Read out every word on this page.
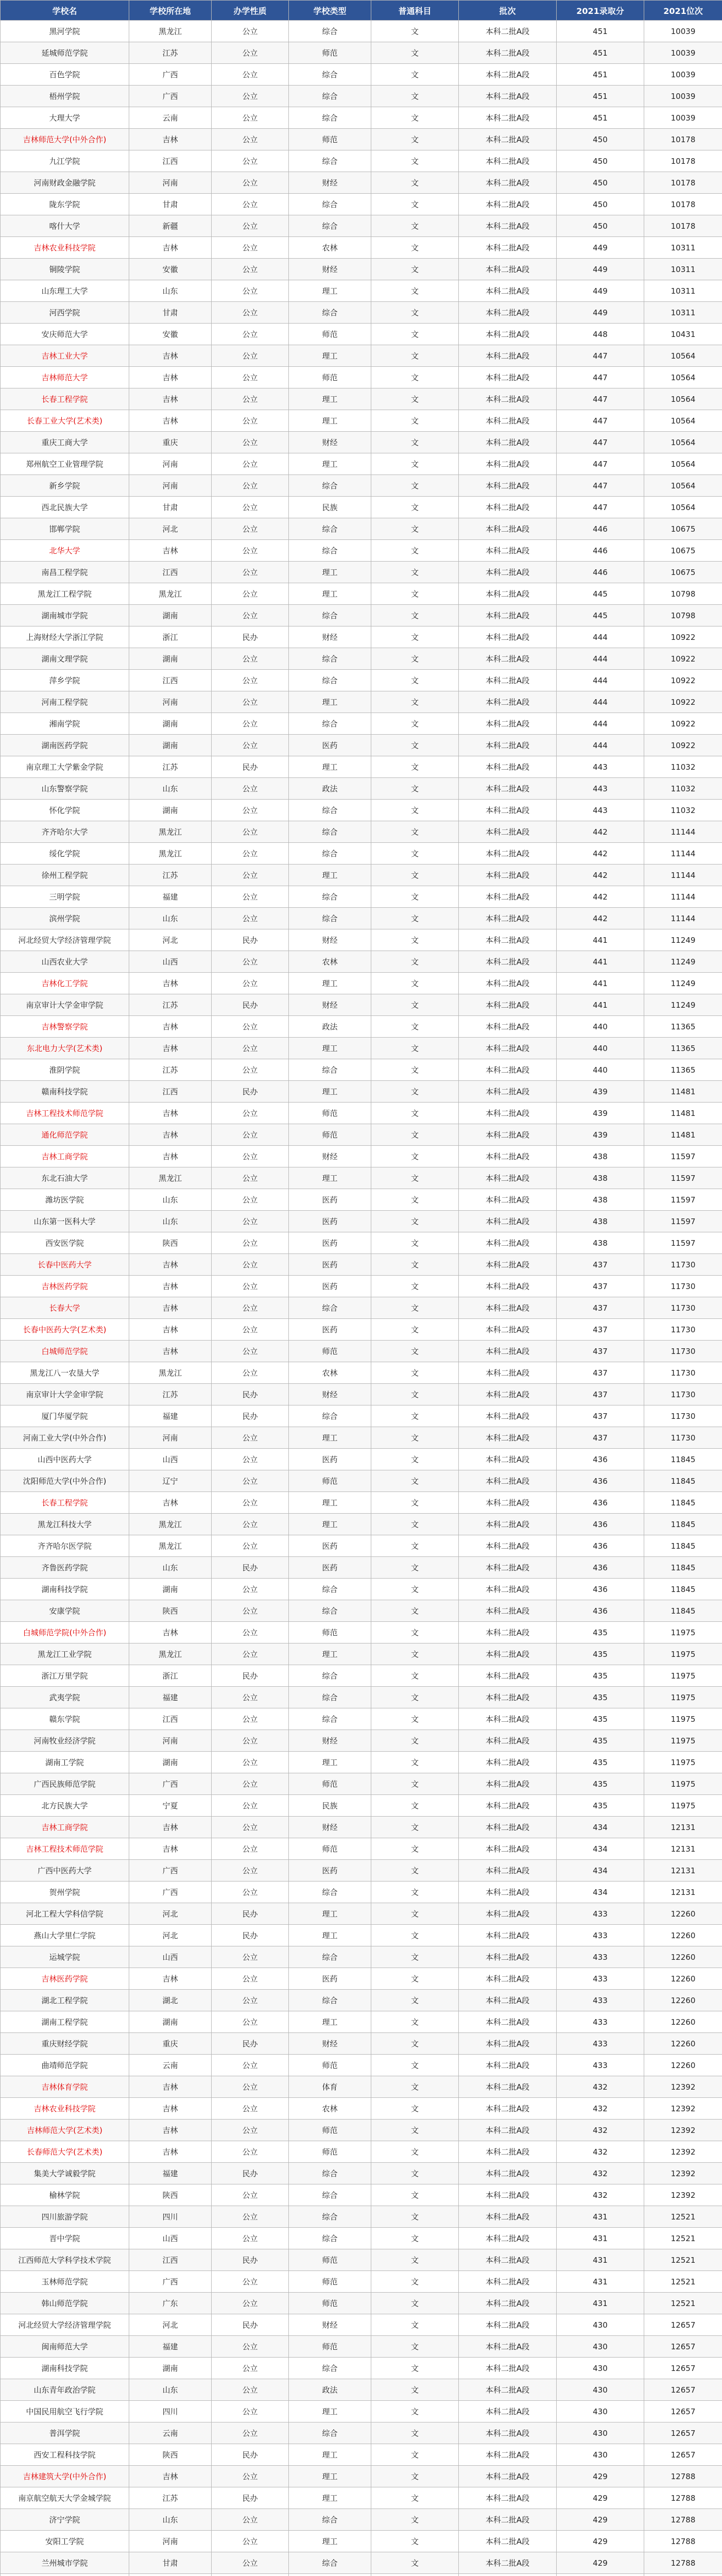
学校名	学校所在地	办学性质	学校类型	普通科目	批次	2021录取分	2021位次
黑河学院	黑龙江	公立	综合	文	本科二批A段	451	10039
延城师范学院	江苏	公立	师范	文	本科二批A段	451	10039
百色学院	广西	公立	综合	文	本科二批A段	451	10039
梧州学院	广西	公立	综合	文	本科二批A段	451	10039
大理大学	云南	公立	综合	文	本科二批A段	451	10039
吉林师范大学(中外合作)	吉林	公立	师范	文	本科二批A段	450	10178
九江学院	江西	公立	综合	文	本科二批A段	450	10178
河南财政金融学院	河南	公立	财经	文	本科二批A段	450	10178
陇东学院	甘肃	公立	综合	文	本科二批A段	450	10178
喀什大学	新疆	公立	综合	文	本科二批A段	450	10178
吉林农业科技学院	吉林	公立	农林	文	本科二批A段	449	10311
铜陵学院	安徽	公立	财经	文	本科二批A段	449	10311
山东理工大学	山东	公立	理工	文	本科二批A段	449	10311
河西学院	甘肃	公立	综合	文	本科二批A段	449	10311
安庆师范大学	安徽	公立	师范	文	本科二批A段	448	10431
吉林工业大学	吉林	公立	理工	文	本科二批A段	447	10564
吉林师范大学	吉林	公立	师范	文	本科二批A段	447	10564
长春工程学院	吉林	公立	理工	文	本科二批A段	447	10564
长春工业大学(艺术类)	吉林	公立	理工	文	本科二批A段	447	10564
重庆工商大学	重庆	公立	财经	文	本科二批A段	447	10564
郑州航空工业管理学院	河南	公立	理工	文	本科二批A段	447	10564
新乡学院	河南	公立	综合	文	本科二批A段	447	10564
西北民族大学	甘肃	公立	民族	文	本科二批A段	447	10564
邯郸学院	河北	公立	综合	文	本科二批A段	446	10675
北华大学	吉林	公立	综合	文	本科二批A段	446	10675
南昌工程学院	江西	公立	理工	文	本科二批A段	446	10675
黑龙江工程学院	黑龙江	公立	理工	文	本科二批A段	445	10798
湖南城市学院	湖南	公立	综合	文	本科二批A段	445	10798
上海财经大学浙江学院	浙江	民办	财经	文	本科二批A段	444	10922
湖南文理学院	湖南	公立	综合	文	本科二批A段	444	10922
萍乡学院	江西	公立	综合	文	本科二批A段	444	10922
河南工程学院	河南	公立	理工	文	本科二批A段	444	10922
湘南学院	湖南	公立	综合	文	本科二批A段	444	10922
湖南医药学院	湖南	公立	医药	文	本科二批A段	444	10922
南京理工大学紫金学院	江苏	民办	理工	文	本科二批A段	443	11032
山东警察学院	山东	公立	政法	文	本科二批A段	443	11032
怀化学院	湖南	公立	综合	文	本科二批A段	443	11032
齐齐哈尔大学	黑龙江	公立	综合	文	本科二批A段	442	11144
绥化学院	黑龙江	公立	综合	文	本科二批A段	442	11144
徐州工程学院	江苏	公立	理工	文	本科二批A段	442	11144
三明学院	福建	公立	综合	文	本科二批A段	442	11144
滨州学院	山东	公立	综合	文	本科二批A段	442	11144
河北经贸大学经济管理学院	河北	民办	财经	文	本科二批A段	441	11249
山西农业大学	山西	公立	农林	文	本科二批A段	441	11249
吉林化工学院	吉林	公立	理工	文	本科二批A段	441	11249
南京审计大学金审学院	江苏	民办	财经	文	本科二批A段	441	11249
吉林警察学院	吉林	公立	政法	文	本科二批A段	440	11365
东北电力大学(艺术类)	吉林	公立	理工	文	本科二批A段	440	11365
淮阴学院	江苏	公立	综合	文	本科二批A段	440	11365
赣南科技学院	江西	民办	理工	文	本科二批A段	439	11481
吉林工程技术师范学院	吉林	公立	师范	文	本科二批A段	439	11481
通化师范学院	吉林	公立	师范	文	本科二批A段	439	11481
吉林工商学院	吉林	公立	财经	文	本科二批A段	438	11597
东北石油大学	黑龙江	公立	理工	文	本科二批A段	438	11597
潍坊医学院	山东	公立	医药	文	本科二批A段	438	11597
山东第一医科大学	山东	公立	医药	文	本科二批A段	438	11597
西安医学院	陕西	公立	医药	文	本科二批A段	438	11597
长春中医药大学	吉林	公立	医药	文	本科二批A段	437	11730
吉林医药学院	吉林	公立	医药	文	本科二批A段	437	11730
长春大学	吉林	公立	综合	文	本科二批A段	437	11730
长春中医药大学(艺术类)	吉林	公立	医药	文	本科二批A段	437	11730
白城师范学院	吉林	公立	师范	文	本科二批A段	437	11730
黑龙江八一农垦大学	黑龙江	公立	农林	文	本科二批A段	437	11730
南京审计大学金审学院	江苏	民办	财经	文	本科二批A段	437	11730
厦门华厦学院	福建	民办	综合	文	本科二批A段	437	11730
河南工业大学(中外合作)	河南	公立	理工	文	本科二批A段	437	11730
山西中医药大学	山西	公立	医药	文	本科二批A段	436	11845
沈阳师范大学(中外合作)	辽宁	公立	师范	文	本科二批A段	436	11845
长春工程学院	吉林	公立	理工	文	本科二批A段	436	11845
黑龙江科技大学	黑龙江	公立	理工	文	本科二批A段	436	11845
齐齐哈尔医学院	黑龙江	公立	医药	文	本科二批A段	436	11845
齐鲁医药学院	山东	民办	医药	文	本科二批A段	436	11845
湖南科技学院	湖南	公立	综合	文	本科二批A段	436	11845
安康学院	陕西	公立	综合	文	本科二批A段	436	11845
白城师范学院(中外合作)	吉林	公立	师范	文	本科二批A段	435	11975
黑龙江工业学院	黑龙江	公立	理工	文	本科二批A段	435	11975
浙江万里学院	浙江	民办	综合	文	本科二批A段	435	11975
武夷学院	福建	公立	综合	文	本科二批A段	435	11975
赣东学院	江西	公立	综合	文	本科二批A段	435	11975
河南牧业经济学院	河南	公立	财经	文	本科二批A段	435	11975
湖南工学院	湖南	公立	理工	文	本科二批A段	435	11975
广西民族师范学院	广西	公立	师范	文	本科二批A段	435	11975
北方民族大学	宁夏	公立	民族	文	本科二批A段	435	11975
吉林工商学院	吉林	公立	财经	文	本科二批A段	434	12131
吉林工程技术师范学院	吉林	公立	师范	文	本科二批A段	434	12131
广西中医药大学	广西	公立	医药	文	本科二批A段	434	12131
贺州学院	广西	公立	综合	文	本科二批A段	434	12131
河北工程大学科信学院	河北	民办	理工	文	本科二批A段	433	12260
燕山大学里仁学院	河北	民办	理工	文	本科二批A段	433	12260
运城学院	山西	公立	综合	文	本科二批A段	433	12260
吉林医药学院	吉林	公立	医药	文	本科二批A段	433	12260
湖北工程学院	湖北	公立	综合	文	本科二批A段	433	12260
湖南工程学院	湖南	公立	理工	文	本科二批A段	433	12260
重庆财经学院	重庆	民办	财经	文	本科二批A段	433	12260
曲靖师范学院	云南	公立	师范	文	本科二批A段	433	12260
吉林体育学院	吉林	公立	体育	文	本科二批A段	432	12392
吉林农业科技学院	吉林	公立	农林	文	本科二批A段	432	12392
吉林师范大学(艺术类)	吉林	公立	师范	文	本科二批A段	432	12392
长春师范大学(艺术类)	吉林	公立	师范	文	本科二批A段	432	12392
集美大学诚毅学院	福建	民办	综合	文	本科二批A段	432	12392
榆林学院	陕西	公立	综合	文	本科二批A段	432	12392
四川旅游学院	四川	公立	综合	文	本科二批A段	431	12521
晋中学院	山西	公立	综合	文	本科二批A段	431	12521
江西师范大学科学技术学院	江西	民办	师范	文	本科二批A段	431	12521
玉林师范学院	广西	公立	师范	文	本科二批A段	431	12521
韩山师范学院	广东	公立	师范	文	本科二批A段	431	12521
河北经贸大学经济管理学院	河北	民办	财经	文	本科二批A段	430	12657
闽南师范大学	福建	公立	师范	文	本科二批A段	430	12657
湖南科技学院	湖南	公立	综合	文	本科二批A段	430	12657
山东青年政治学院	山东	公立	政法	文	本科二批A段	430	12657
中国民用航空飞行学院	四川	公立	理工	文	本科二批A段	430	12657
普洱学院	云南	公立	综合	文	本科二批A段	430	12657
西安工程科技学院	陕西	民办	理工	文	本科二批A段	430	12657
吉林建筑大学(中外合作)	吉林	公立	理工	文	本科二批A段	429	12788
南京航空航天大学金城学院	江苏	民办	理工	文	本科二批A段	429	12788
济宁学院	山东	公立	综合	文	本科二批A段	429	12788
安阳工学院	河南	公立	理工	文	本科二批A段	429	12788
兰州城市学院	甘肃	公立	综合	文	本科二批A段	429	12788
